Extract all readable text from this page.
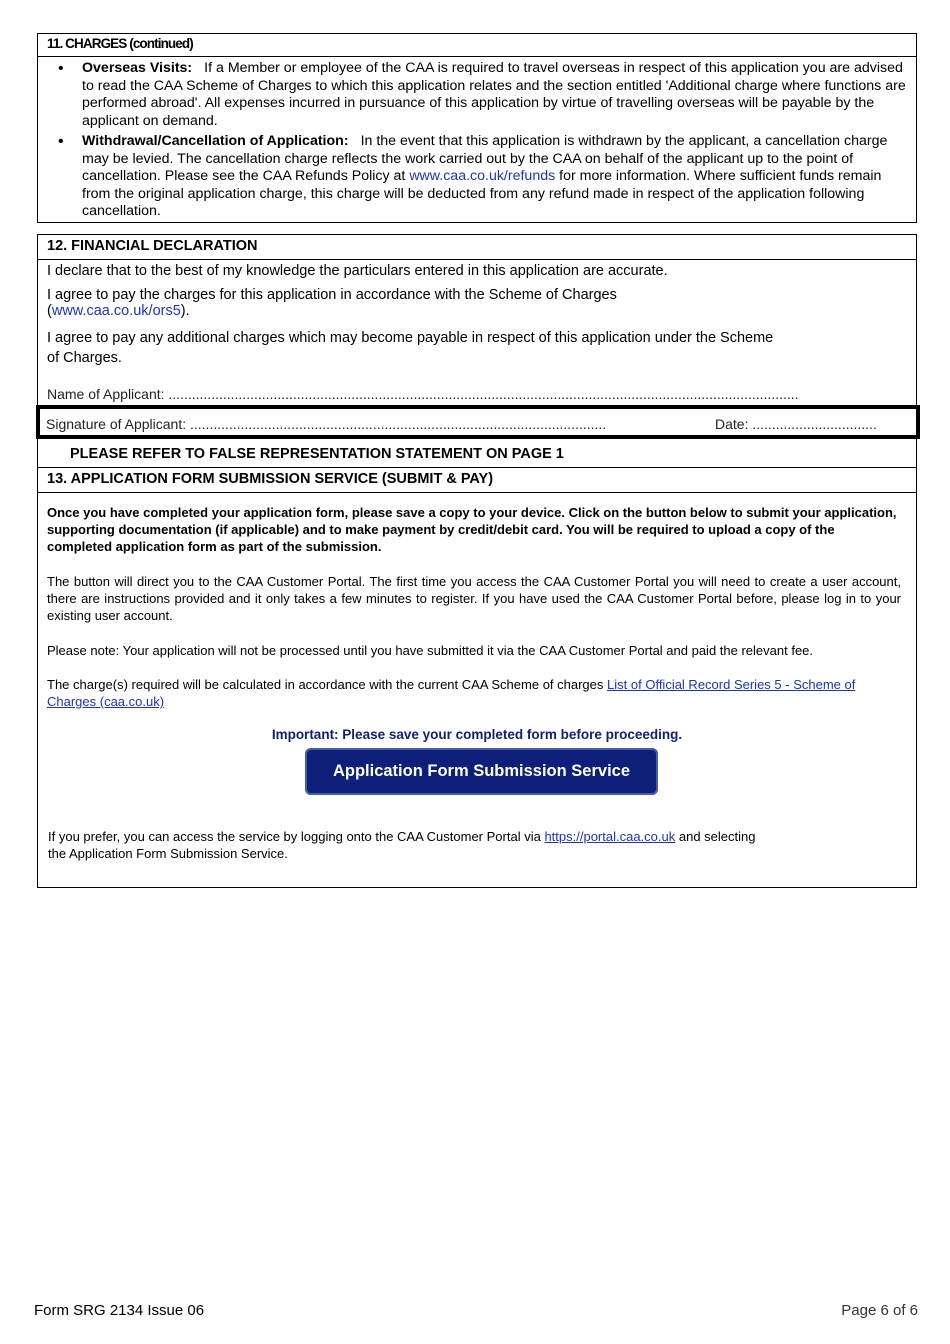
11. CHARGES (continued)
• Overseas Visits: If a Member or employee of the CAA is required to travel overseas in respect of this application you are advised to read the CAA Scheme of Charges to which this application relates and the section entitled 'Additional charge where functions are performed abroad'. All expenses incurred in pursuance of this application by virtue of travelling overseas will be payable by the applicant on demand.
• Withdrawal/Cancellation of Application: In the event that this application is withdrawn by the applicant, a cancellation charge may be levied. The cancellation charge reflects the work carried out by the CAA on behalf of the applicant up to the point of cancellation. Please see the CAA Refunds Policy at www.caa.co.uk/refunds for more information. Where sufficient funds remain from the original application charge, this charge will be deducted from any refund made in respect of the application following cancellation.
12. FINANCIAL DECLARATION
I declare that to the best of my knowledge the particulars entered in this application are accurate.
I agree to pay the charges for this application in accordance with the Scheme of Charges
(www.caa.co.uk/ors5).
I agree to pay any additional charges which may become payable in respect of this application under the Scheme
of Charges.
Name of Applicant: ..................................................................................................................................................................
PLEASE REFER TO FALSE REPRESENTATION STATEMENT ON PAGE 1
Signature of Applicant: ...........................................................................................................	Date: ................................
13. APPLICATION FORM SUBMISSION SERVICE (SUBMIT & PAY)
Once you have completed your application form, please save a copy to your device. Click on the button below to submit your application, supporting documentation (if applicable) and to make payment by credit/debit card. You will be required to upload a copy of the completed application form as part of the submission.
The button will direct you to the CAA Customer Portal. The first time you access the CAA Customer Portal you will need to create a user account, there are instructions provided and it only takes a few minutes to register. If you have used the CAA Customer Portal before, please log in to your existing user account.
Please note: Your application will not be processed until you have submitted it via the CAA Customer Portal and paid the relevant fee.
The charge(s) required will be calculated in accordance with the current CAA Scheme of charges List of Official Record Series 5 - Scheme of Charges (caa.co.uk)
Important: Please save your completed form before proceeding.
If you prefer, you can access the service by logging onto the CAA Customer Portal via https://portal.caa.co.uk and selecting
the Application Form Submission Service.
Application Form Submission Service
Form SRG 2134 Issue 06	Page 6 of 6
